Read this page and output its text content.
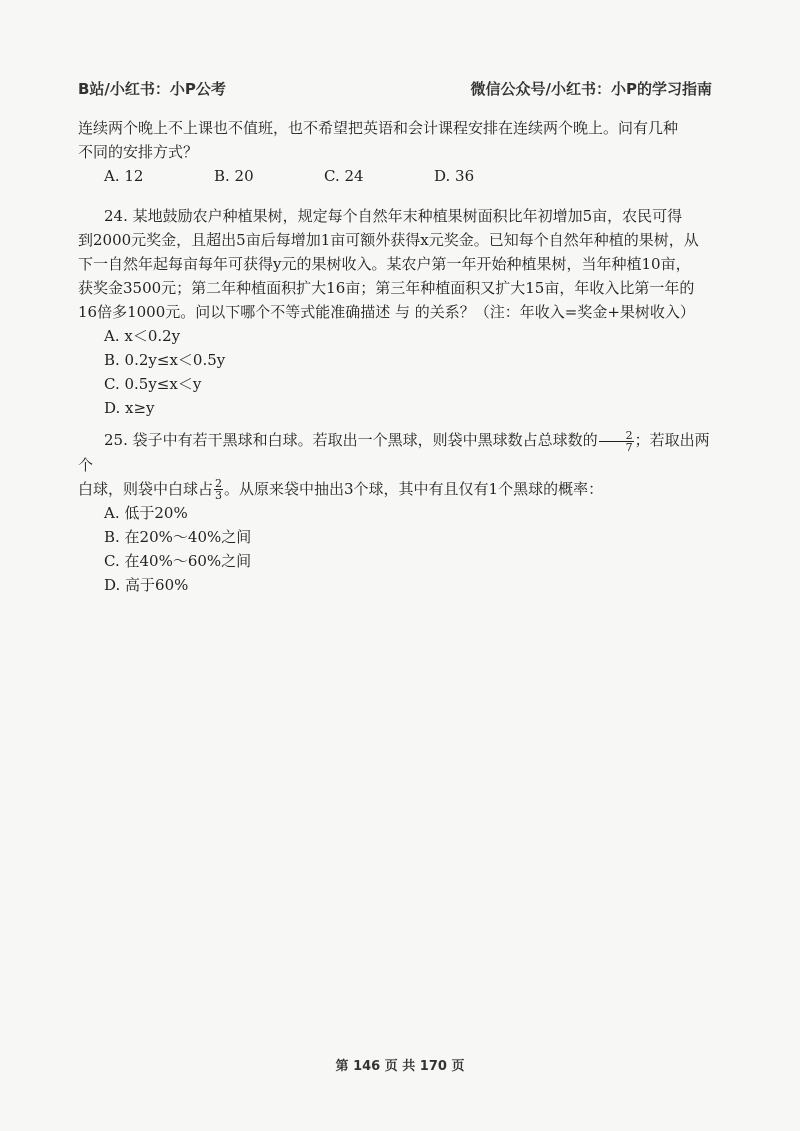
B站/小红书：小P公考	微信公众号/小红书：小P的学习指南
连续两个晚上不上课也不值班，也不希望把英语和会计课程安排在连续两个晚上。问有几种
不同的安排方式？
A. 12	B. 20	C. 24	D. 36
24. 某地鼓励农户种植果树，规定每个自然年末种植果树面积比年初增加5亩，农民可得
到2000元奖金，且超出5亩后每增加1亩可额外获得x元奖金。已知每个自然年种植的果树，从
下一自然年起每亩每年可获得y元的果树收入。某农户第一年开始种植果树，当年种植10亩，
获奖金3500元；第二年种植面积扩大16亩；第三年种植面积又扩大15亩，年收入比第一年的
16倍多1000元。问以下哪个不等式能准确描述 与 的关系？（注：年收入=奖金+果树收入）
A. x＜0.2y
B. 0.2y≤x＜0.5y
C. 0.5y≤x＜y
D. x≥y
25. 袋子中有若干黑球和白球。若取出一个黑球，则袋中黑球数占总球数的 $\frac{2}{7}$ ；若取出两个
白球，则袋中白球占 $\frac{2}{3}$ 。从原来袋中抽出3个球，其中有且仅有1个黑球的概率：
A. 低于20%
B. 在20%～40%之间
C. 在40%～60%之间
D. 高于60%
第 146 页 共 170 页
